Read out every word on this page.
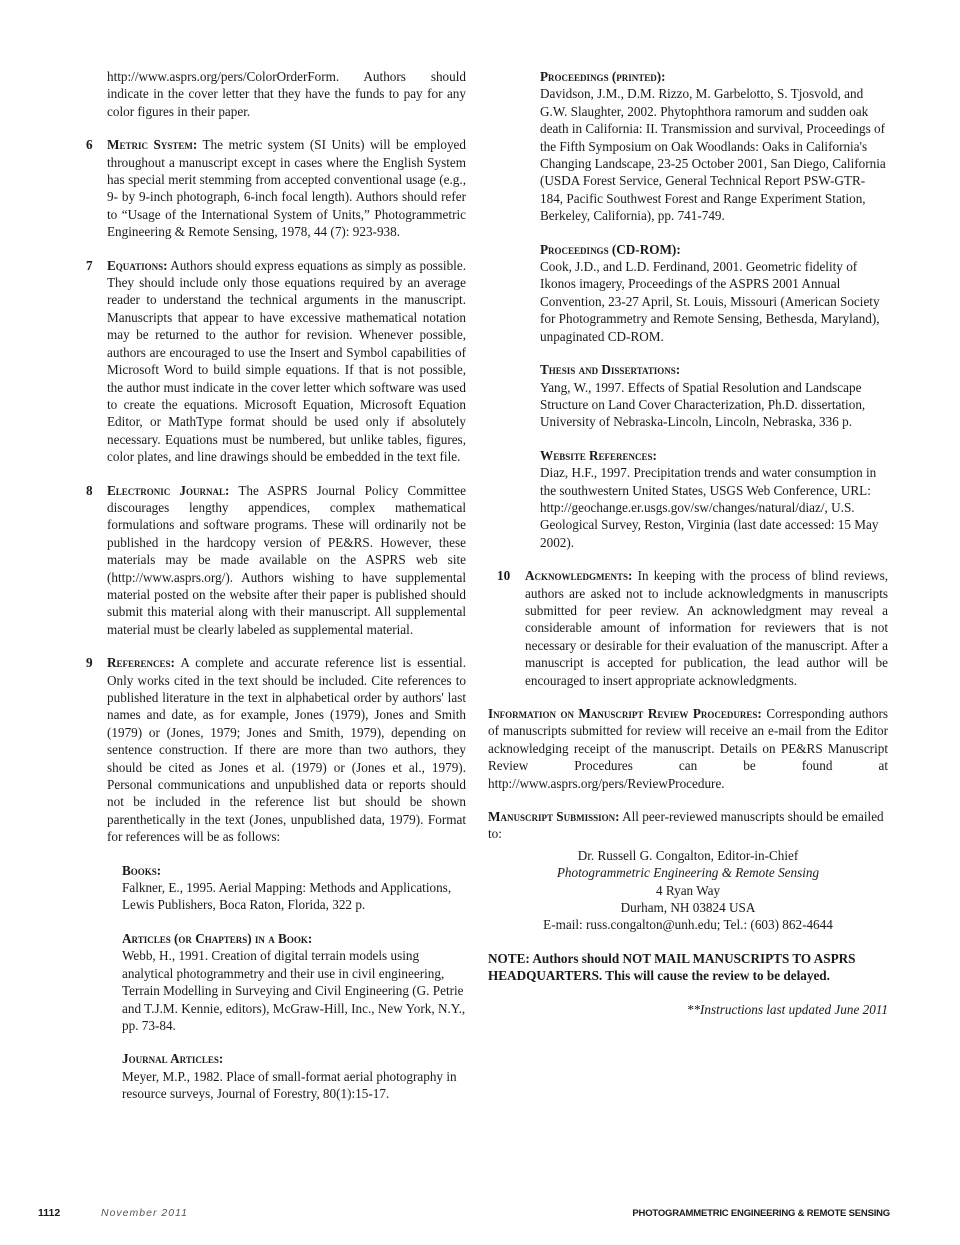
http://www.asprs.org/pers/ColorOrderForm. Authors should indicate in the cover letter that they have the funds to pay for any color figures in their paper.
6 Metric System: The metric system (SI Units) will be employed throughout a manuscript except in cases where the English System has special merit stemming from accepted conventional usage (e.g., 9- by 9-inch photograph, 6-inch focal length). Authors should refer to “Usage of the International System of Units,” Photogrammetric Engineering & Remote Sensing, 1978, 44 (7): 923-938.
7 Equations: Authors should express equations as simply as possible. They should include only those equations required by an average reader to understand the technical arguments in the manuscript. Manuscripts that appear to have excessive mathematical notation may be returned to the author for revision. Whenever possible, authors are encouraged to use the Insert and Symbol capabilities of Microsoft Word to build simple equations. If that is not possible, the author must indicate in the cover letter which software was used to create the equations. Microsoft Equation, Microsoft Equation Editor, or MathType format should be used only if absolutely necessary. Equations must be numbered, but unlike tables, figures, color plates, and line drawings should be embedded in the text file.
8 Electronic Journal: The ASPRS Journal Policy Committee discourages lengthy appendices, complex mathematical formulations and software programs. These will ordinarily not be published in the hardcopy version of PE&RS. However, these materials may be made available on the ASPRS web site (http://www.asprs.org/). Authors wishing to have supplemental material posted on the website after their paper is published should submit this material along with their manuscript. All supplemental material must be clearly labeled as supplemental material.
9 References: A complete and accurate reference list is essential. Only works cited in the text should be included. Cite references to published literature in the text in alphabetical order by authors' last names and date, as for example, Jones (1979), Jones and Smith (1979) or (Jones, 1979; Jones and Smith, 1979), depending on sentence construction. If there are more than two authors, they should be cited as Jones et al. (1979) or (Jones et al., 1979). Personal communications and unpublished data or reports should not be included in the reference list but should be shown parenthetically in the text (Jones, unpublished data, 1979). Format for references will be as follows:
Books:
Falkner, E., 1995. Aerial Mapping: Methods and Applications, Lewis Publishers, Boca Raton, Florida, 322 p.
Articles (or Chapters) in a Book:
Webb, H., 1991. Creation of digital terrain models using analytical photogrammetry and their use in civil engineering, Terrain Modelling in Surveying and Civil Engineering (G. Petrie and T.J.M. Kennie, editors), McGraw-Hill, Inc., New York, N.Y., pp. 73-84.
Journal Articles:
Meyer, M.P., 1982. Place of small-format aerial photography in resource surveys, Journal of Forestry, 80(1):15-17.
Proceedings (printed):
Davidson, J.M., D.M. Rizzo, M. Garbelotto, S. Tjosvold, and G.W. Slaughter, 2002. Phytophthora ramorum and sudden oak death in California: II. Transmission and survival, Proceedings of the Fifth Symposium on Oak Woodlands: Oaks in California's Changing Landscape, 23-25 October 2001, San Diego, California (USDA Forest Service, General Technical Report PSW-GTR-184, Pacific Southwest Forest and Range Experiment Station, Berkeley, California), pp. 741-749.
Proceedings (CD-ROM):
Cook, J.D., and L.D. Ferdinand, 2001. Geometric fidelity of Ikonos imagery, Proceedings of the ASPRS 2001 Annual Convention, 23-27 April, St. Louis, Missouri (American Society for Photogrammetry and Remote Sensing, Bethesda, Maryland), unpaginated CD-ROM.
Thesis and Dissertations:
Yang, W., 1997. Effects of Spatial Resolution and Landscape Structure on Land Cover Characterization, Ph.D. dissertation, University of Nebraska-Lincoln, Lincoln, Nebraska, 336 p.
Website References:
Diaz, H.F., 1997. Precipitation trends and water consumption in the southwestern United States, USGS Web Conference, URL: http://geochange.er.usgs.gov/sw/changes/natural/diaz/, U.S. Geological Survey, Reston, Virginia (last date accessed: 15 May 2002).
10 Acknowledgments: In keeping with the process of blind reviews, authors are asked not to include acknowledgments in manuscripts submitted for peer review. An acknowledgment may reveal a considerable amount of information for reviewers that is not necessary or desirable for their evaluation of the manuscript. After a manuscript is accepted for publication, the lead author will be encouraged to insert appropriate acknowledgments.
Information on Manuscript Review Procedures: Corresponding authors of manuscripts submitted for review will receive an e-mail from the Editor acknowledging receipt of the manuscript. Details on PE&RS Manuscript Review Procedures can be found at http://www.asprs.org/pers/ReviewProcedure.
Manuscript Submission: All peer-reviewed manuscripts should be emailed to:
Dr. Russell G. Congalton, Editor-in-Chief
Photogrammetric Engineering & Remote Sensing
4 Ryan Way
Durham, NH 03824 USA
E-mail: russ.congalton@unh.edu; Tel.: (603) 862-4644
NOTE: Authors should NOT MAIL MANUSCRIPTS TO ASPRS HEADQUARTERS. This will cause the review to be delayed.
**Instructions last updated June 2011
1112	November 2011	PHOTOGRAMMETRIC ENGINEERING & REMOTE SENSING
